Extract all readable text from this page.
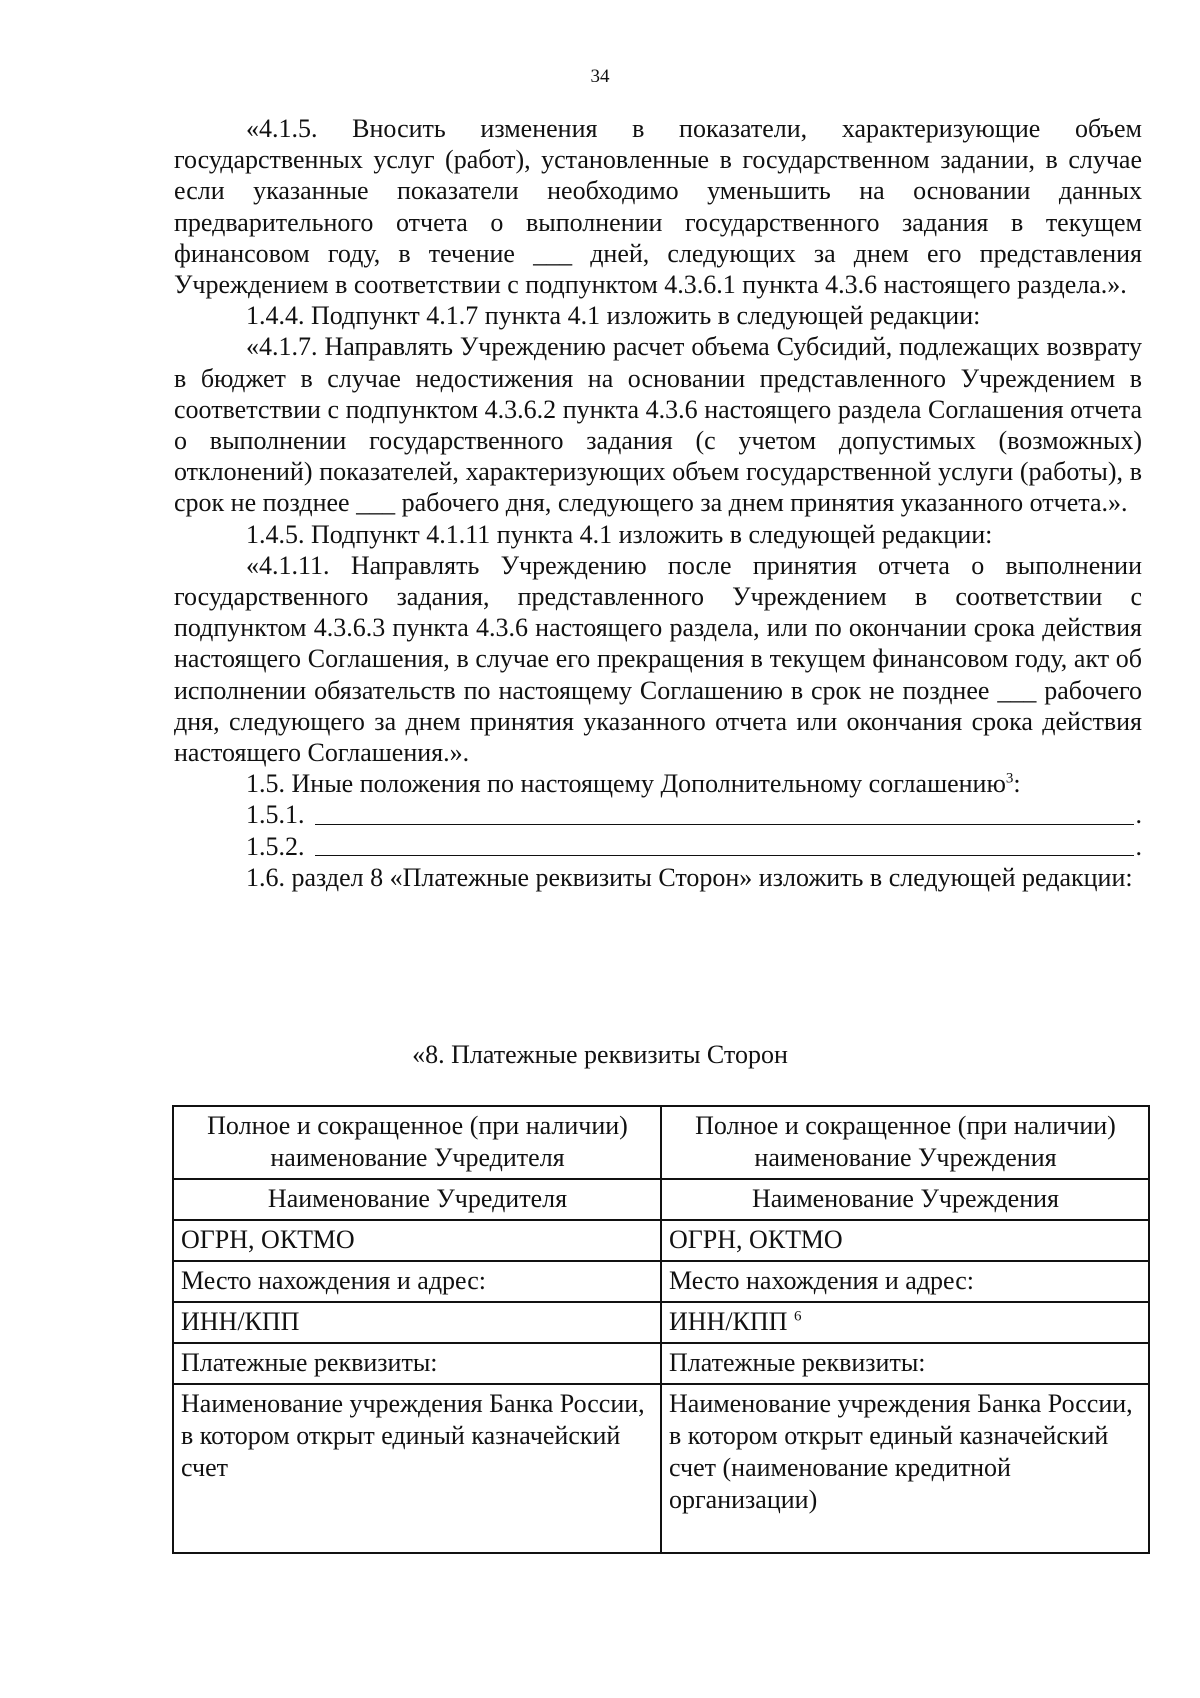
34

«4.1.5. Вносить изменения в показатели, характеризующие объем государственных услуг (работ), установленные в государственном задании, в случае если указанные показатели необходимо уменьшить на основании данных предварительного отчета о выполнении государственного задания в текущем финансовом году, в течение ___ дней, следующих за днем его представления Учреждением в соответствии с подпунктом 4.3.6.1 пункта 4.3.6 настоящего раздела.».

1.4.4. Подпункт 4.1.7 пункта 4.1 изложить в следующей редакции:

«4.1.7. Направлять Учреждению расчет объема Субсидий, подлежащих возврату в бюджет в случае недостижения на основании представленного Учреждением в соответствии с подпунктом 4.3.6.2 пункта 4.3.6 настоящего раздела Соглашения отчета о выполнении государственного задания (с учетом допустимых (возможных) отклонений) показателей, характеризующих объем государственной услуги (работы), в срок не позднее ___ рабочего дня, следующего за днем принятия указанного отчета.».

1.4.5. Подпункт 4.1.11 пункта 4.1 изложить в следующей редакции:

«4.1.11. Направлять Учреждению после принятия отчета о выполнении государственного задания, представленного Учреждением в соответствии с подпунктом 4.3.6.3 пункта 4.3.6 настоящего раздела, или по окончании срока действия настоящего Соглашения, в случае его прекращения в текущем финансовом году, акт об исполнении обязательств по настоящему Соглашению в срок не позднее ___ рабочего дня, следующего за днем принятия указанного отчета или окончания срока действия настоящего Соглашения.».

1.5. Иные положения по настоящему Дополнительному соглашению$^3$:

1.5.1.	.
1.5.2.	.

1.6. раздел 8 «Платежные реквизиты Сторон» изложить в следующей редакции:

«8. Платежные реквизиты Сторон
Полное и сокращенное (при наличии) наименование Учредителя	Полное и сокращенное (при наличии) наименование Учреждения
Наименование Учредителя	Наименование Учреждения
ОГРН, ОКТМО	ОГРН, ОКТМО
Место нахождения и адрес:	Место нахождения и адрес:
ИНН/КПП	ИНН/КПП $^6$
Платежные реквизиты:	Платежные реквизиты:
Наименование учреждения Банка России, в котором открыт единый казначейский счет	Наименование учреждения Банка России, в котором открыт единый казначейский счет (наименование кредитной организации)
